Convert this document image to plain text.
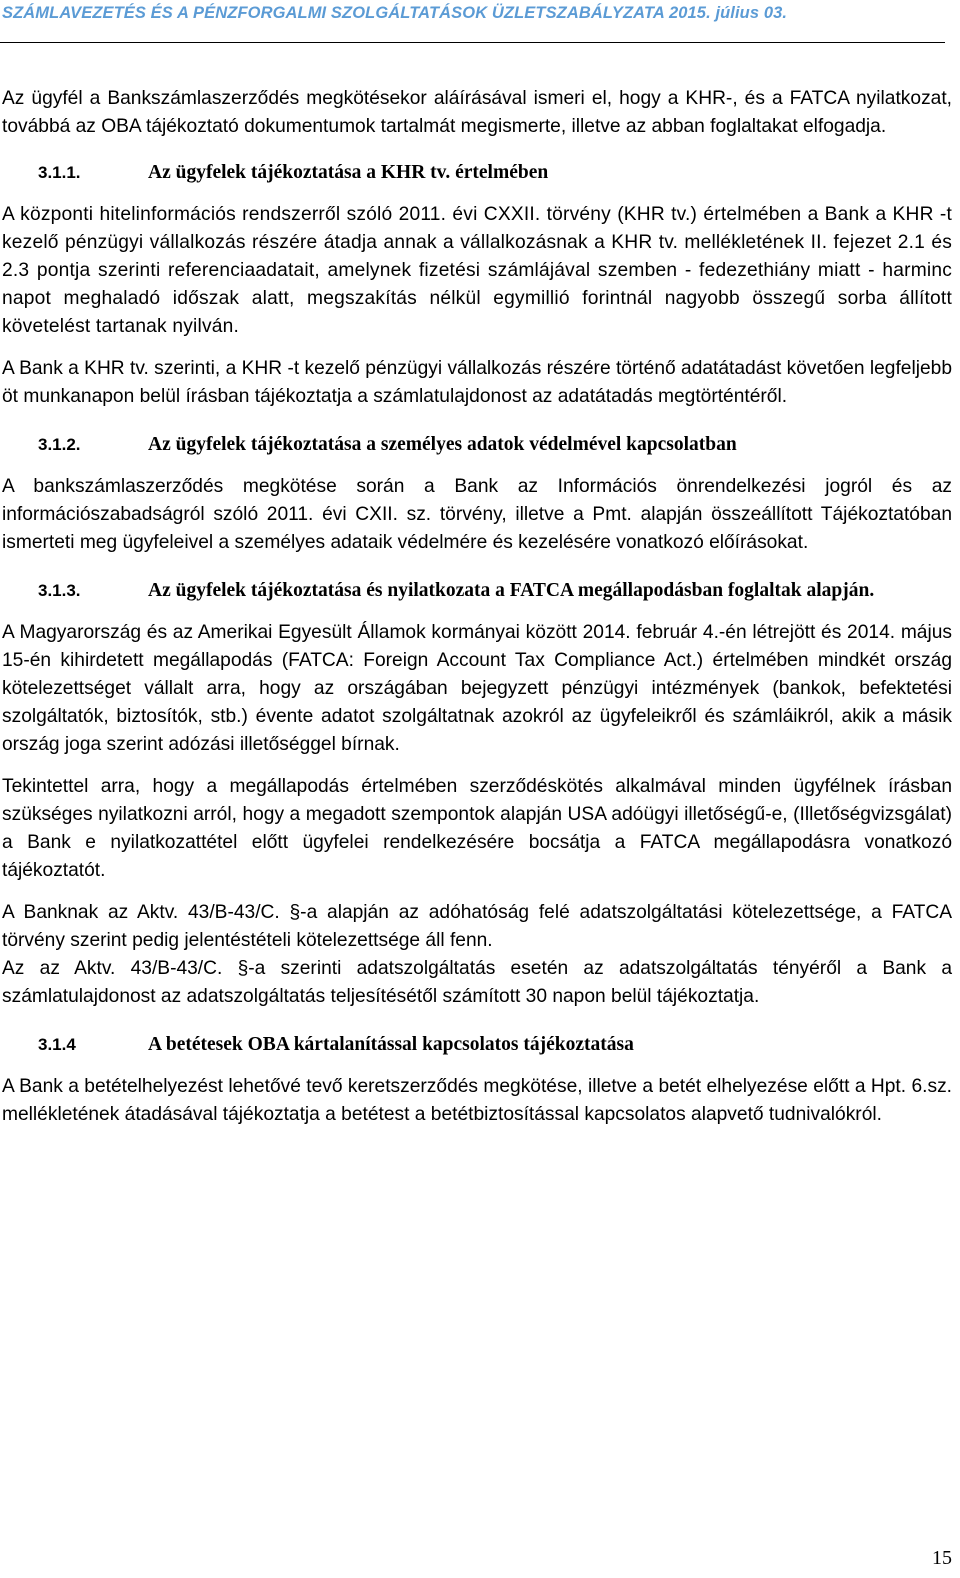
SZÁMLAVEZETÉS ÉS A PÉNZFORGALMI SZOLGÁLTATÁSOK ÜZLETSZABÁLYZATA 2015. július 03.

Az ügyfél a Bankszámlaszerződés megkötésekor aláírásával ismeri el, hogy a KHR-, és a FATCA nyilatkozat, továbbá az OBA tájékoztató dokumentumok tartalmát megismerte, illetve az abban foglaltakat elfogadja.

3.1.1.	Az ügyfelek tájékoztatása a KHR tv. értelmében

A központi hitelinformációs rendszerről szóló 2011. évi CXXII. törvény (KHR tv.) értelmében a Bank a KHR -t kezelő pénzügyi vállalkozás részére átadja annak a vállalkozásnak a KHR tv. mellékletének II. fejezet 2.1 és 2.3 pontja szerinti referenciaadatait, amelynek fizetési számlájával szemben - fedezethiány miatt - harminc napot meghaladó időszak alatt, megszakítás nélkül egymillió forintnál nagyobb összegű sorba állított követelést tartanak nyilván.

A Bank a KHR tv. szerinti, a KHR -t kezelő pénzügyi vállalkozás részére történő adatátadást követően legfeljebb öt munkanapon belül írásban tájékoztatja a számlatulajdonost az adatátadás megtörténtéről.

3.1.2.	Az ügyfelek tájékoztatása a személyes adatok védelmével kapcsolatban

A bankszámlaszerződés megkötése során a Bank az Információs önrendelkezési jogról és az információszabadságról szóló 2011. évi CXII. sz. törvény, illetve a Pmt. alapján összeállított Tájékoztatóban ismerteti meg ügyfeleivel a személyes adataik védelmére és kezelésére vonatkozó előírásokat.

3.1.3.	Az ügyfelek tájékoztatása és nyilatkozata a FATCA megállapodásban foglaltak alapján.

A Magyarország és az Amerikai Egyesült Államok kormányai között 2014. február 4.-én létrejött és 2014. május 15-én kihirdetett megállapodás (FATCA: Foreign Account Tax Compliance Act.) értelmében mindkét ország kötelezettséget vállalt arra, hogy az országában bejegyzett pénzügyi intézmények (bankok, befektetési szolgáltatók, biztosítók, stb.) évente adatot szolgáltatnak azokról az ügyfeleikről és számláikról, akik a másik ország joga szerint adózási illetőséggel bírnak.

Tekintettel arra, hogy a megállapodás értelmében szerződéskötés alkalmával minden ügyfélnek írásban szükséges nyilatkozni arról, hogy a megadott szempontok alapján USA adóügyi illetőségű-e, (Illetőségvizsgálat) a Bank e nyilatkozattétel előtt ügyfelei rendelkezésére bocsátja a FATCA megállapodásra vonatkozó tájékoztatót.

A Banknak az Aktv. 43/B-43/C. §-a alapján az adóhatóság felé adatszolgáltatási kötelezettsége, a FATCA törvény szerint pedig jelentéstételi kötelezettsége áll fenn.

Az az Aktv. 43/B-43/C. §-a szerinti adatszolgáltatás esetén az adatszolgáltatás tényéről a Bank a számlatulajdonost az adatszolgáltatás teljesítésétől számított 30 napon belül tájékoztatja.

3.1.4	A betétesek OBA kártalanítással kapcsolatos tájékoztatása

A Bank a betételhelyezést lehetővé tevő keretszerződés megkötése, illetve a betét elhelyezése előtt a Hpt. 6.sz. mellékletének átadásával tájékoztatja a betétest a betétbiztosítással kapcsolatos alapvető tudnivalókról.

15
